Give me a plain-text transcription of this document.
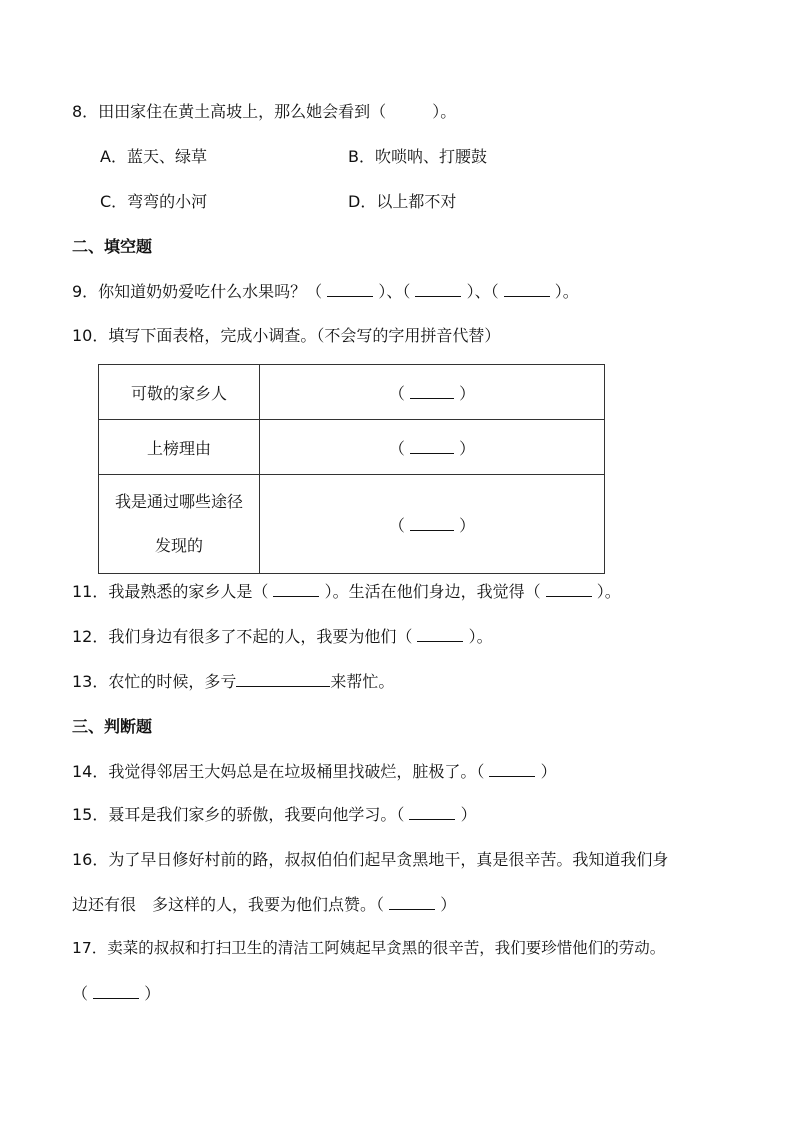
8．田田家住在黄土高坡上，那么她会看到（	）。
A．蓝天、绿草	B．吹唢呐、打腰鼓
C．弯弯的小河	D．以上都不对
二、填空题
9．你知道奶奶爱吃什么水果吗？（	）、（	）、（	）。
10．填写下面表格，完成小调查。（不会写的字用拼音代替）
可敬的家乡人	（ ）
上榜理由	（ ）

我是通过哪些途径
发现的	（ ）
11．我最熟悉的家乡人是（	）。生活在他们身边，我觉得（	）。
12．我们身边有很多了不起的人，我要为他们（	）。
13．农忙的时候，多亏	来帮忙。
三、判断题
14．我觉得邻居王大妈总是在垃圾桶里找破烂，脏极了。（	）
15．聂耳是我们家乡的骄傲，我要向他学习。（	）
16．为了早日修好村前的路，叔叔伯伯们起早贪黑地干，真是很辛苦。我知道我们身
边还有很　多这样的人，我要为他们点赞。（	）
17．卖菜的叔叔和打扫卫生的清洁工阿姨起早贪黑的很辛苦，我们要珍惜他们的劳动。
（	）
